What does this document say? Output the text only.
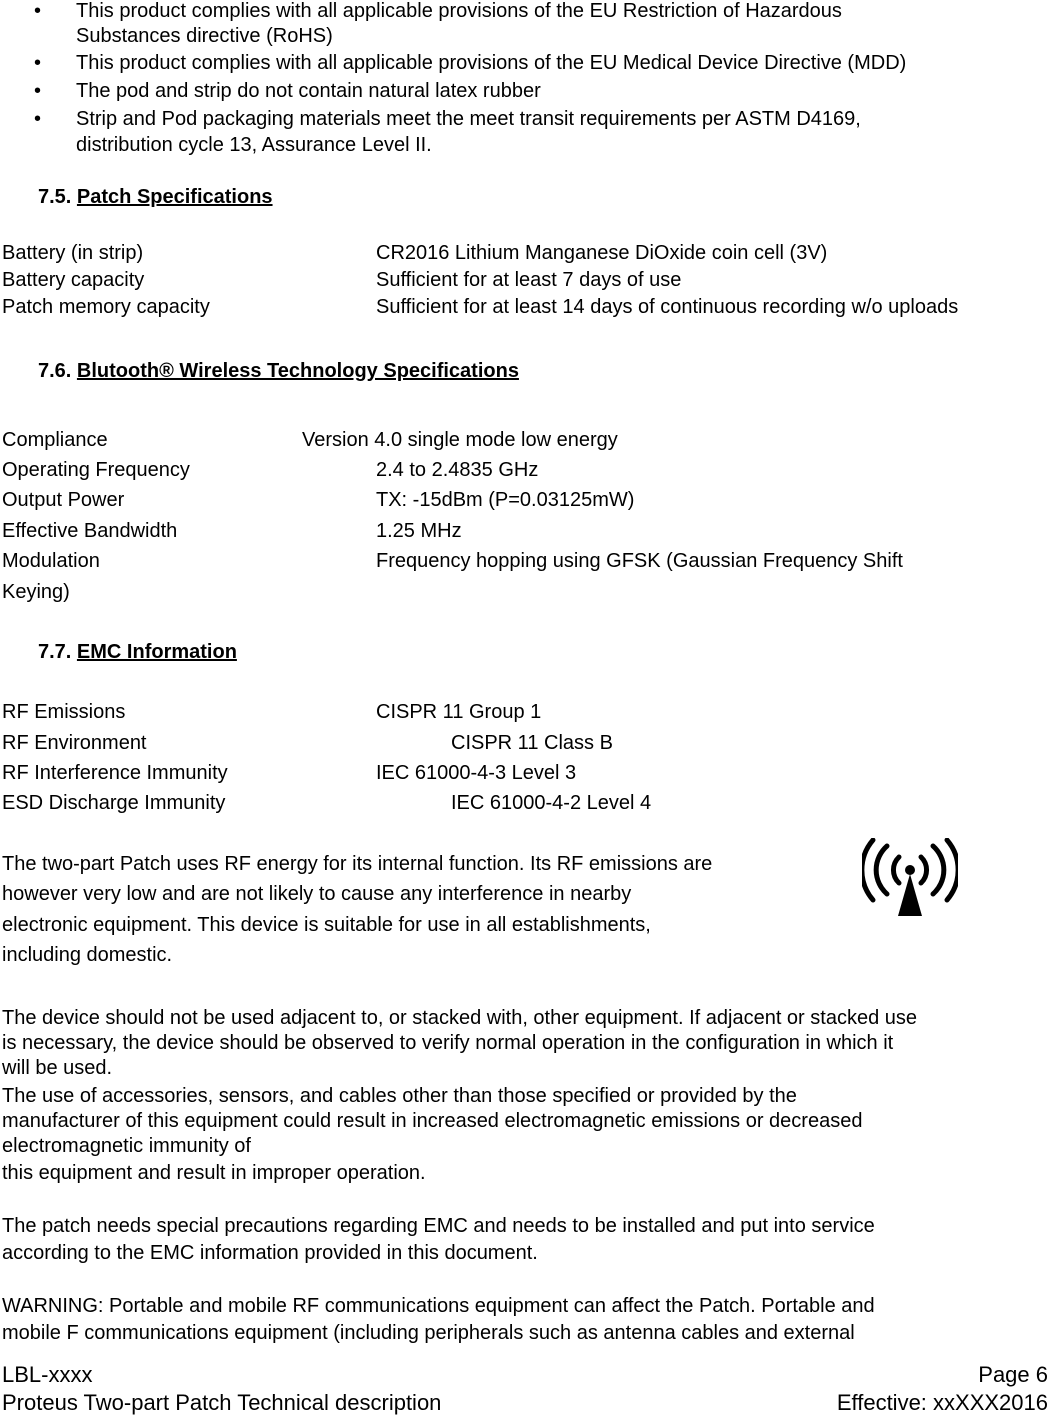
• This product complies with all applicable provisions of the EU Restriction of Hazardous
Substances directive (RoHS)
• This product complies with all applicable provisions of the EU Medical Device Directive (MDD)
• The pod and strip do not contain natural latex rubber
• Strip and Pod packaging materials meet the meet transit requirements per ASTM D4169,
distribution cycle 13, Assurance Level II.
7.5. Patch Specifications
Battery (in strip)	CR2016 Lithium Manganese DiOxide coin cell (3V)
Battery capacity	Sufficient for at least 7 days of use
Patch memory capacity	Sufficient for at least 14 days of continuous recording w/o uploads
7.6. Blutooth® Wireless Technology Specifications
Compliance	Version 4.0 single mode low energy
Operating Frequency	2.4 to 2.4835 GHz
Output Power	TX: -15dBm (P=0.03125mW)
Effective Bandwidth	1.25 MHz
Modulation	Frequency hopping using GFSK (Gaussian Frequency Shift
Keying)
7.7. EMC Information
RF Emissions	CISPR 11 Group 1
RF Environment	CISPR 11 Class B
RF Interference Immunity	IEC 61000-4-3 Level 3
ESD Discharge Immunity	IEC 61000-4-2 Level 4
The two-part Patch uses RF energy for its internal function. Its RF emissions are
however very low and are not likely to cause any interference in nearby
electronic equipment. This device is suitable for use in all establishments,
including domestic.
The device should not be used adjacent to, or stacked with, other equipment. If adjacent or stacked use
is necessary, the device should be observed to verify normal operation in the configuration in which it
will be used.
The use of accessories, sensors, and cables other than those specified or provided by the
manufacturer of this equipment could result in increased electromagnetic emissions or decreased
electromagnetic immunity of
this equipment and result in improper operation.
The patch needs special precautions regarding EMC and needs to be installed and put into service
according to the EMC information provided in this document.
WARNING: Portable and mobile RF communications equipment can affect the Patch. Portable and
mobile F communications equipment (including peripherals such as antenna cables and external
LBL-xxxx	Page 6
Proteus Two-part Patch Technical description	Effective: xxXXX2016
